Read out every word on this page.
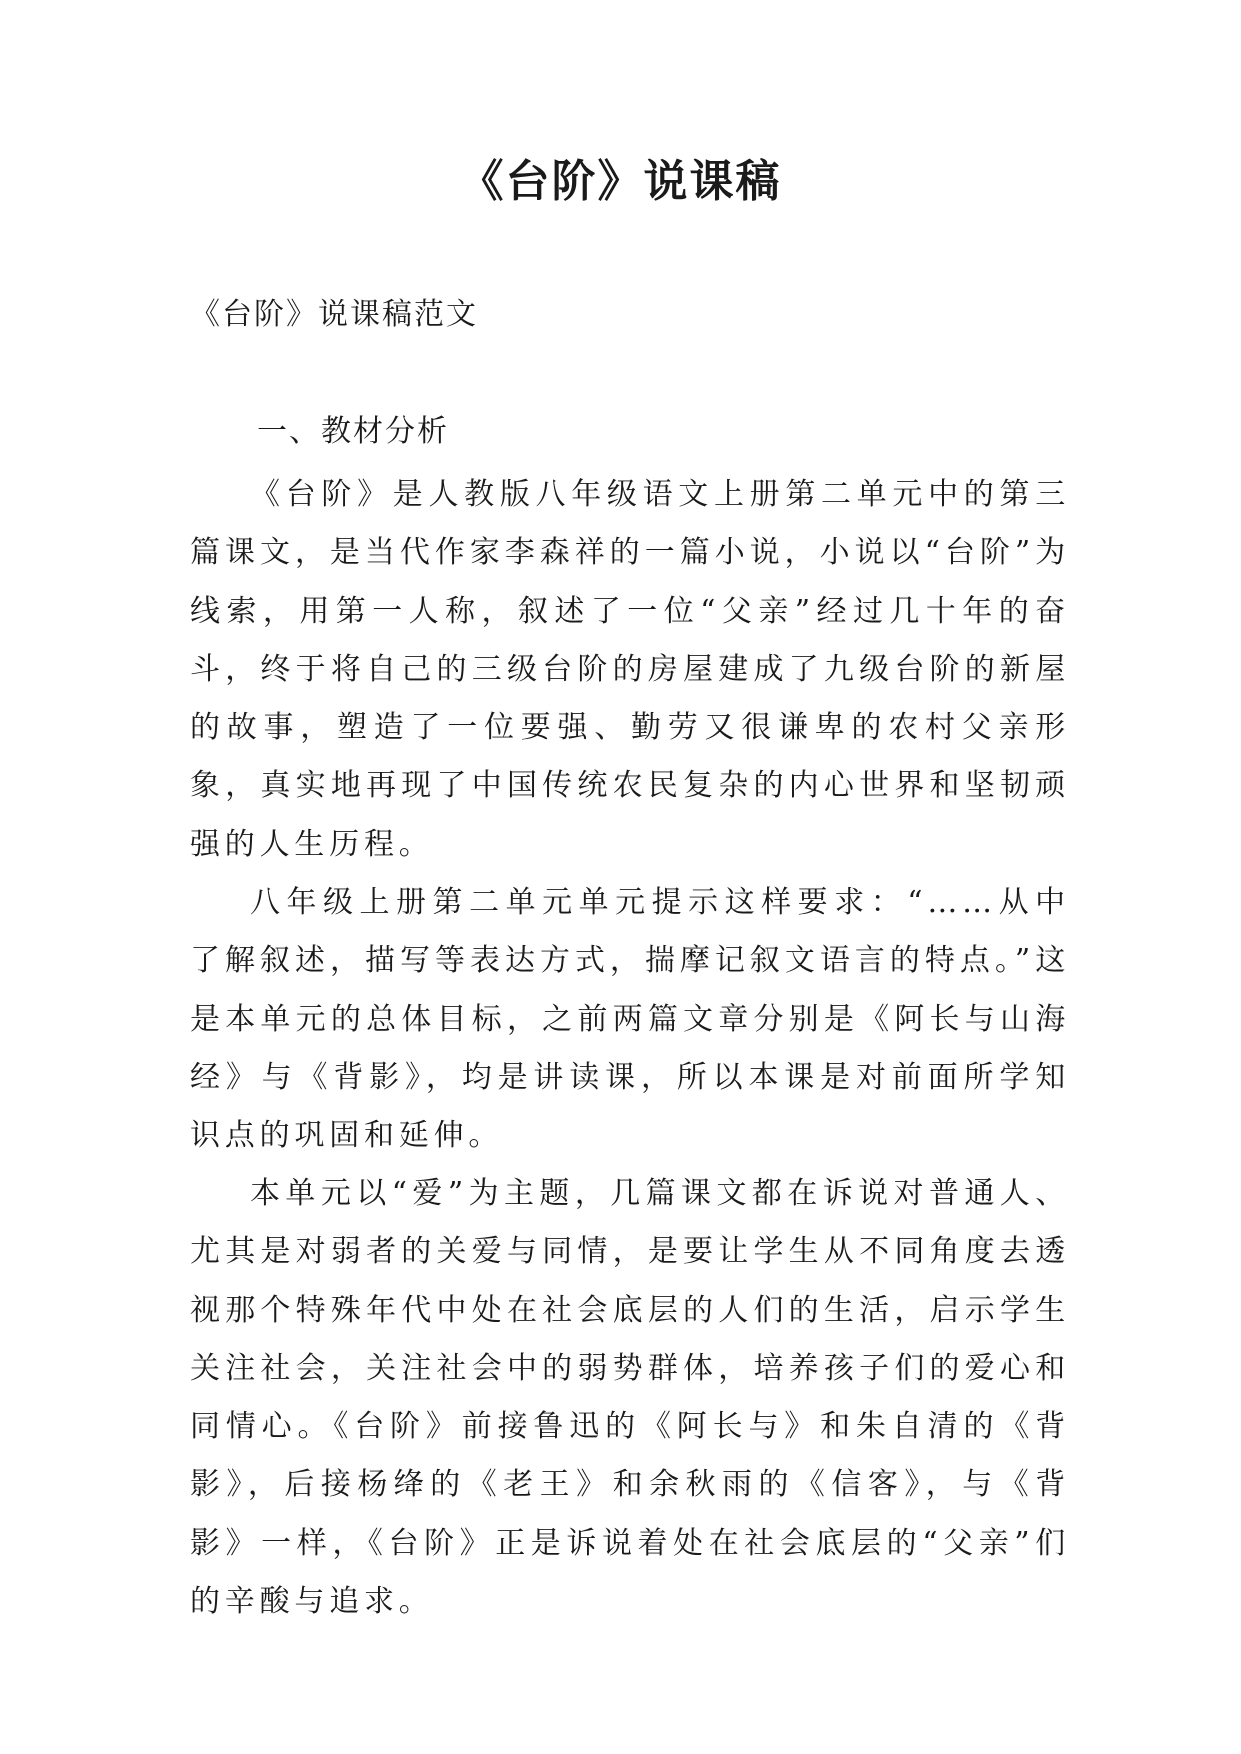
《台阶》说课稿
《台阶》说课稿范文
一、教材分析

《台阶》是人教版八年级语文上册第二单元中的第三篇课文，是当代作家李森祥的一篇小说，小说以“台阶”为线索，用第一人称，叙述了一位“父亲”经过几十年的奋斗，终于将自己的三级台阶的房屋建成了九级台阶的新屋的故事，塑造了一位要强、勤劳又很谦卑的农村父亲形象，真实地再现了中国传统农民复杂的内心世界和坚韧顽强的人生历程。

八年级上册第二单元单元提示这样要求：“……从中了解叙述，描写等表达方式，揣摩记叙文语言的特点。”这是本单元的总体目标，之前两篇文章分别是《阿长与山海经》与《背影》，均是讲读课，所以本课是对前面所学知识点的巩固和延伸。

本单元以“爱”为主题，几篇课文都在诉说对普通人、尤其是对弱者的关爱与同情，是要让学生从不同角度去透视那个特殊年代中处在社会底层的人们的生活，启示学生关注社会，关注社会中的弱势群体，培养孩子们的爱心和同情心。《台阶》前接鲁迅的《阿长与》和朱自清的《背影》，后接杨绛的《老王》和余秋雨的《信客》，与《背影》一样，《台阶》正是诉说着处在社会底层的“父亲”们的辛酸与追求。
